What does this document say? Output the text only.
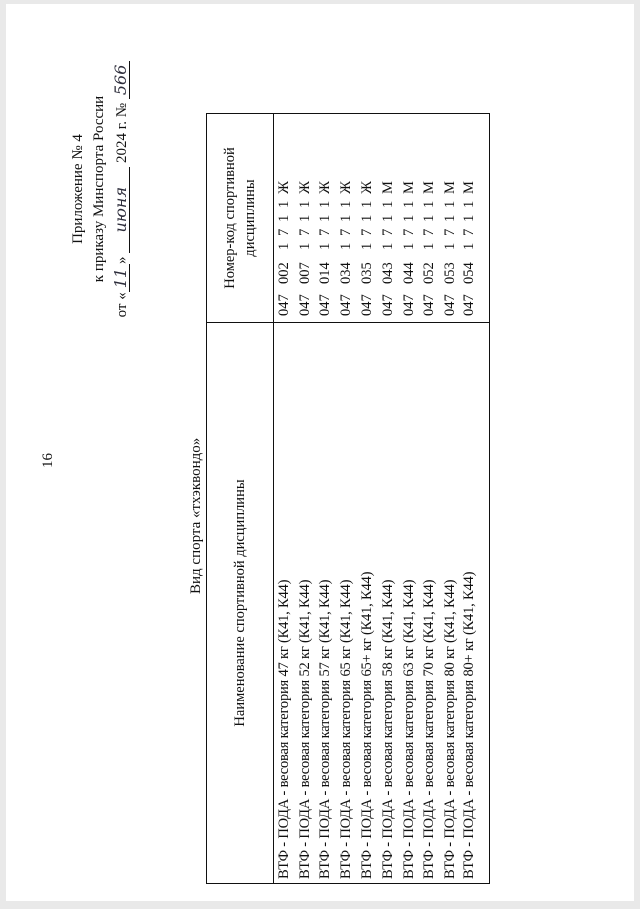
16
Приложение № 4 к приказу Минспорта России
от «11» июня 2024 г. № 566
Вид спорта «тхэквондо» Наименование спортивной дисциплины	Номер-код спортивной дисциплины

ВТФ - ПОДА - весовая категория 47 кг (К41, К44)	0470021711Ж
ВТФ - ПОДА - весовая категория 52 кг (К41, К44)	0470071711Ж
ВТФ - ПОДА - весовая категория 57 кг (К41, К44)	0470141711Ж
ВТФ - ПОДА - весовая категория 65 кг (К41, К44)	0470341711Ж
ВТФ - ПОДА - весовая категория 65+ кг (К41, К44)	0470351711Ж
ВТФ - ПОДА - весовая категория 58 кг (К41, К44)	0470431711М
ВТФ - ПОДА - весовая категория 63 кг (К41, К44)	0470441711М
ВТФ - ПОДА - весовая категория 70 кг (К41, К44)	0470521711М
ВТФ - ПОДА - весовая категория 80 кг (К41, К44)	0470531711М
ВТФ - ПОДА - весовая категория 80+ кг (К41, К44)	0470541711М
